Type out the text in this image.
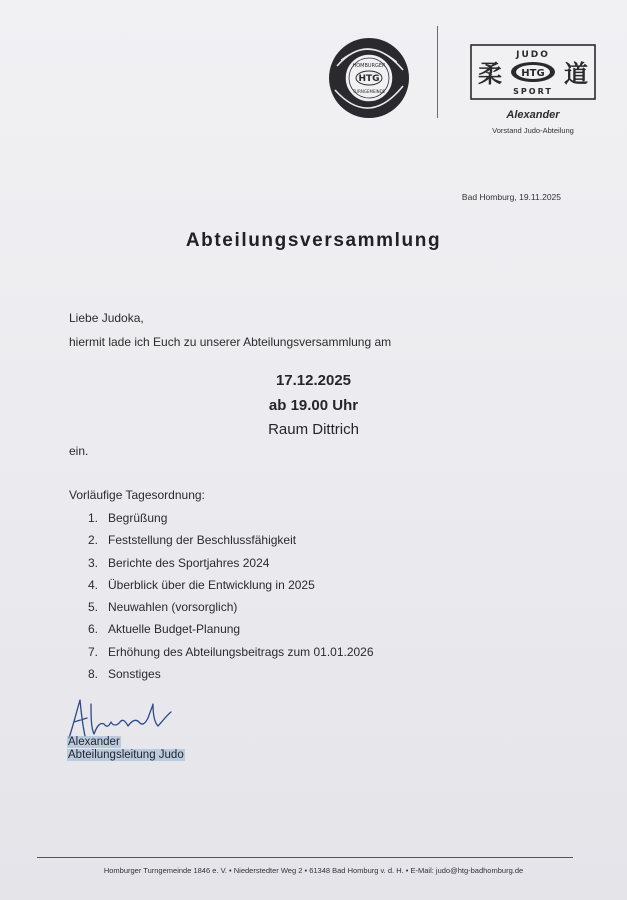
HOMBURGER
HTG
TURNGEMEINDE
柔	道
HTG
JUDO
SPORT
Alexander
Vorstand Judo-Abteilung
Bad Homburg, 19.11.2025
Abteilungsversammlung
Liebe Judoka,
hiermit lade ich Euch zu unserer Abteilungsversammlung am
17.12.2025
ab 19.00 Uhr
Raum Dittrich
ein.
Vorläufige Tagesordnung:
1. Begrüßung
2. Feststellung der Beschlussfähigkeit
3. Berichte des Sportjahres 2024
4. Überblick über die Entwicklung in 2025
5. Neuwahlen (vorsorglich)
6. Aktuelle Budget-Planung
7. Erhöhung des Abteilungsbeitrags zum 01.01.2026
8. Sonstiges
Alexander
Abteilungsleitung Judo
Homburger Turngemeinde 1846 e. V. • Niederstedter Weg 2 • 61348 Bad Homburg v. d. H. • E-Mail: judo@htg-badhomburg.de
